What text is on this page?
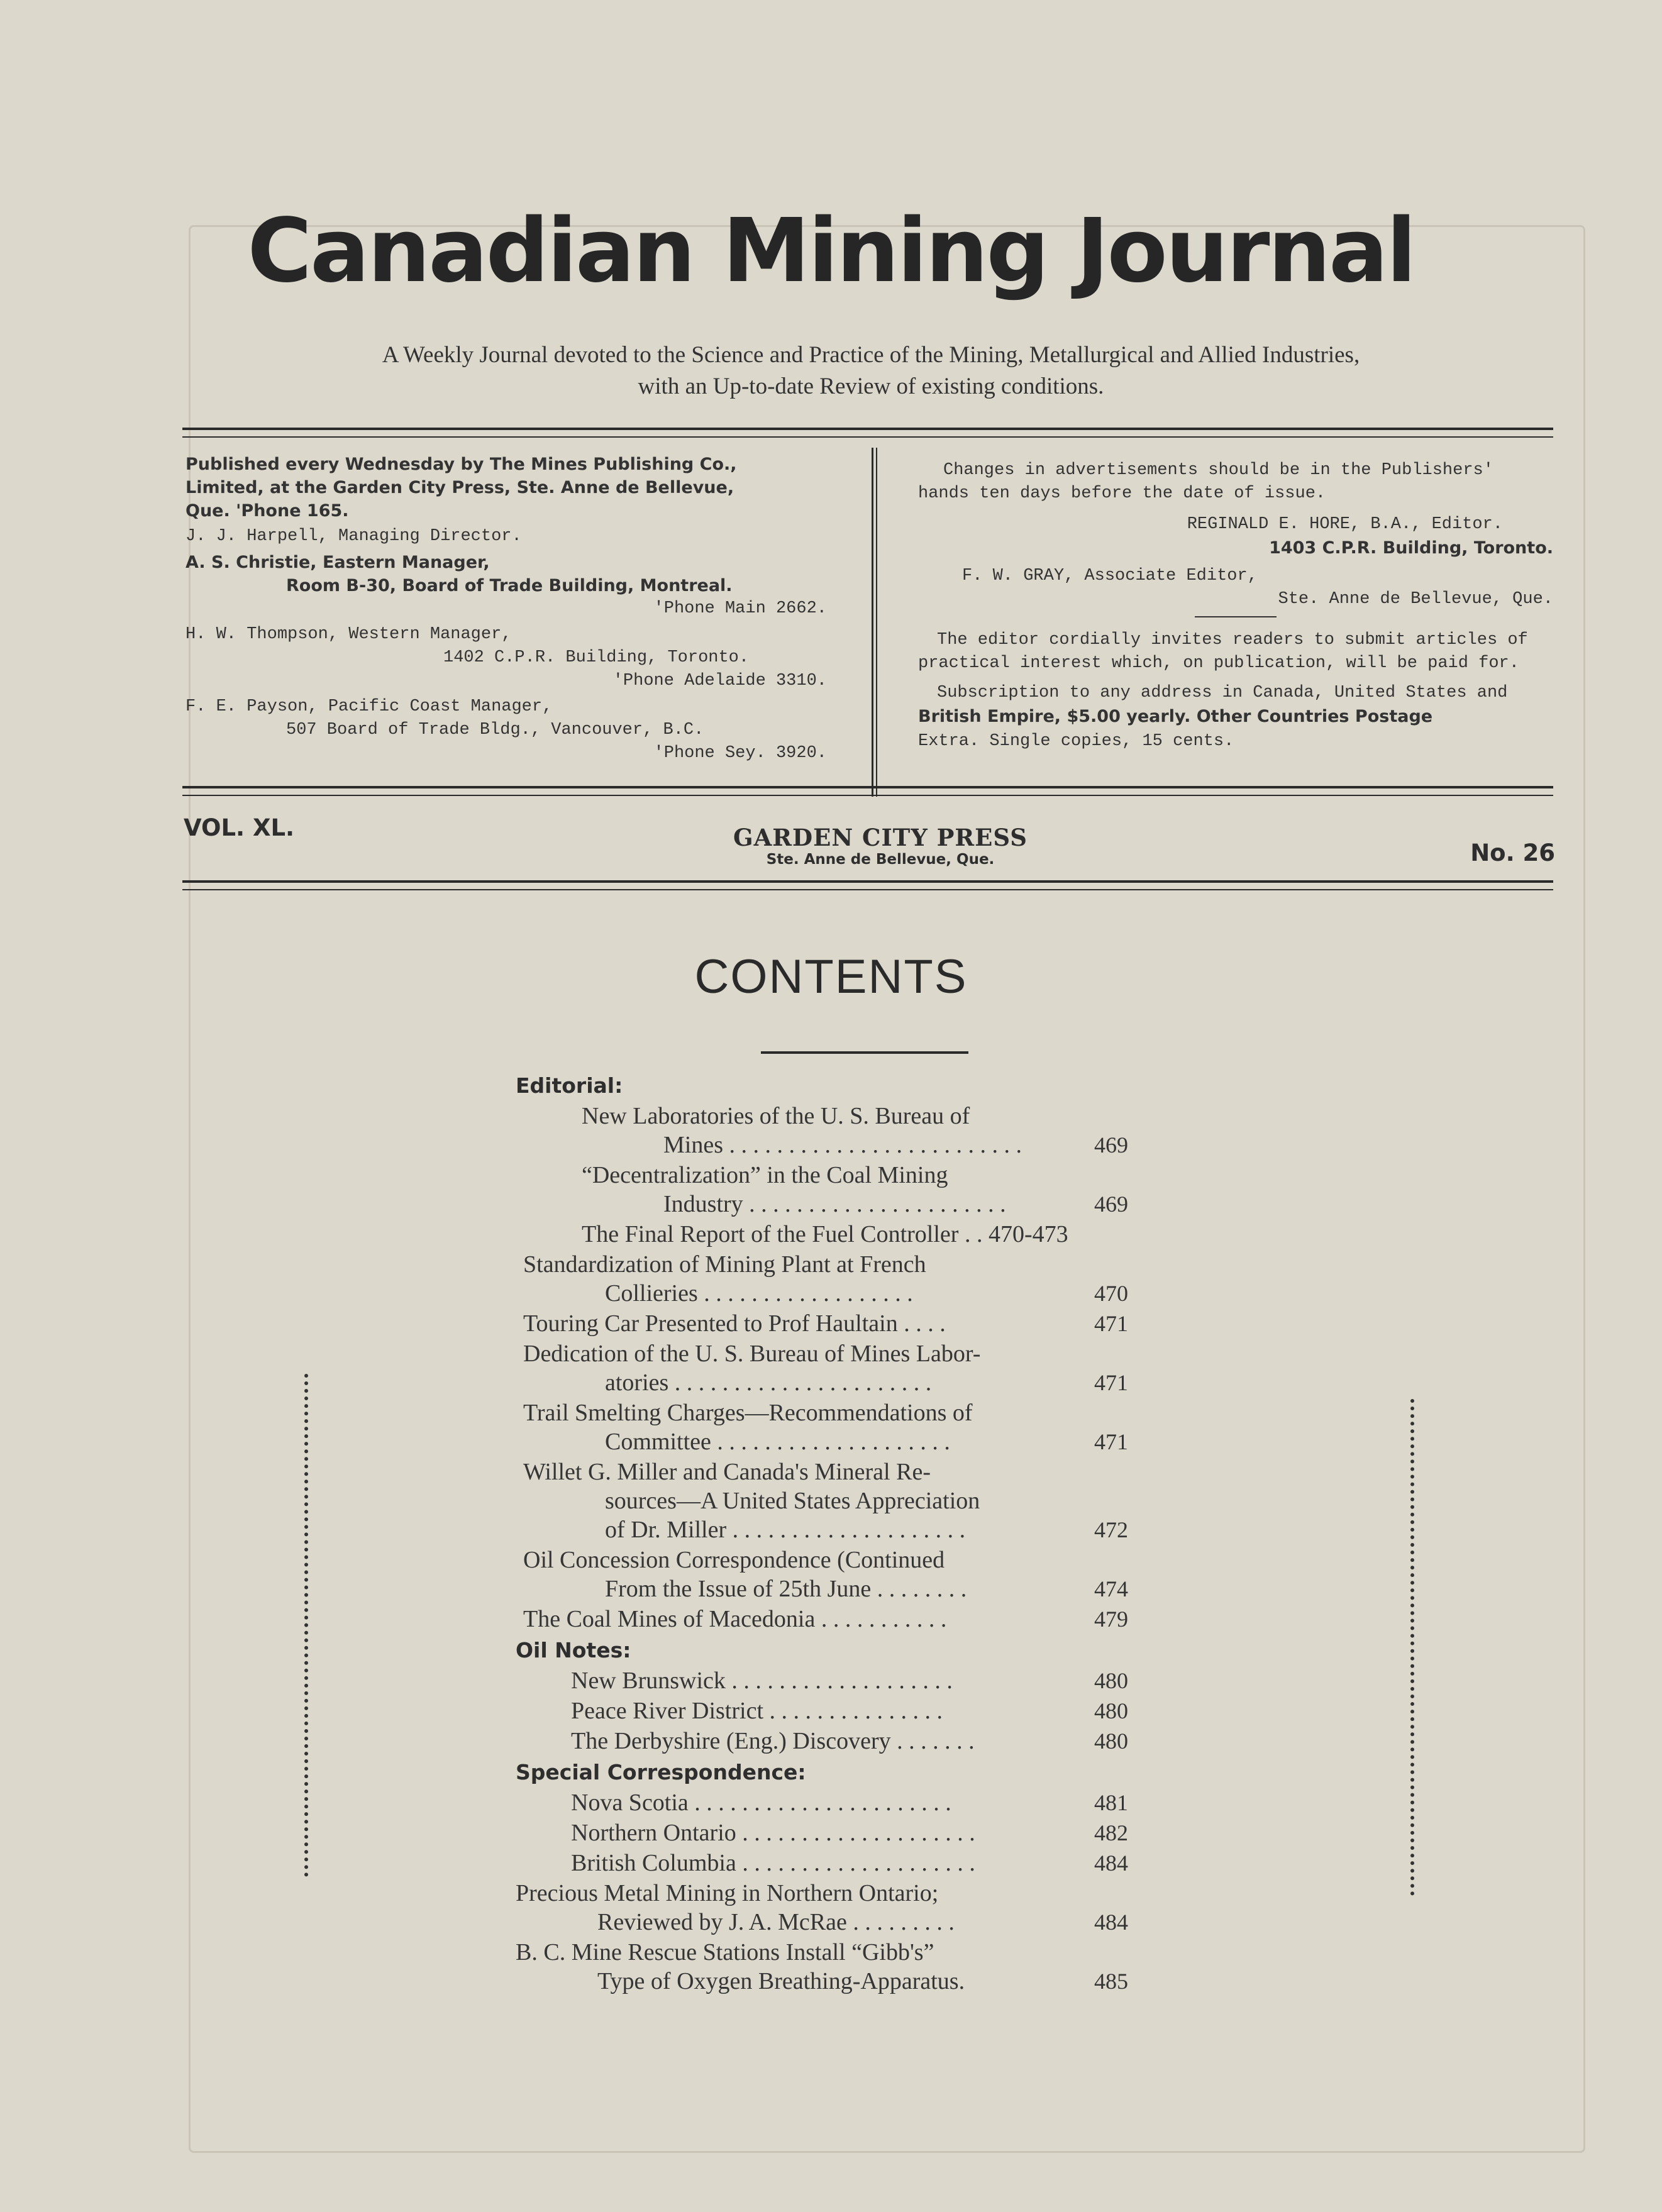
Canadian Mining Journal
A Weekly Journal devoted to the Science and Practice of the Mining, Metallurgical and Allied Industries,
with an Up-to-date Review of existing conditions.

Published every Wednesday by The Mines Publishing Co.,
Limited, at the Garden City Press, Ste. Anne de Bellevue,
Que. 'Phone 165.

J. J. Harpell, Managing Director.

A. S. Christie, Eastern Manager,

Room B-30, Board of Trade Building, Montreal.

'Phone Main 2662.

H. W. Thompson, Western Manager,

1402 C.P.R. Building, Toronto.

'Phone Adelaide 3310.

F. E. Payson, Pacific Coast Manager,

507 Board of Trade Bldg., Vancouver, B.C.

'Phone Sey. 3920.

Changes in advertisements should be in the Publishers'
hands ten days before the date of issue.

REGINALD E. HORE, B.A., Editor.

1403 C.P.R. Building, Toronto.

F. W. GRAY, Associate Editor,

Ste. Anne de Bellevue, Que.

The editor cordially invites readers to submit articles of
practical interest which, on publication, will be paid for.

Subscription to any address in Canada, United States and
British Empire, $5.00 yearly. Other Countries Postage
Extra. Single copies, 15 cents.

VOL. XL.	GARDEN CITY PRESS
Ste. Anne de Bellevue, Que.	No. 26
CONTENTS
Editorial:
New Laboratories of the U. S. Bureau of
Mines . . . . . . . . . . . . . . . . . . . . . . . . .	469
“Decentralization” in the Coal Mining
Industry . . . . . . . . . . . . . . . . . . . . . .	469
The Final Report of the Fuel Controller . . 470-473
Standardization of Mining Plant at French
Collieries . . . . . . . . . . . . . . . . . .	470
Touring Car Presented to Prof Haultain . . . .	471
Dedication of the U. S. Bureau of Mines Labor-
atories . . . . . . . . . . . . . . . . . . . . . .	471
Trail Smelting Charges—Recommendations of
Committee . . . . . . . . . . . . . . . . . . . .	471
Willet G. Miller and Canada's Mineral Re-
sources—A United States Appreciation
of Dr. Miller . . . . . . . . . . . . . . . . . . . .	472
Oil Concession Correspondence (Continued
From the Issue of 25th June . . . . . . . .	474
The Coal Mines of Macedonia . . . . . . . . . . .	479
Oil Notes:
New Brunswick . . . . . . . . . . . . . . . . . . .	480
Peace River District . . . . . . . . . . . . . . .	480
The Derbyshire (Eng.) Discovery . . . . . . .	480
Special Correspondence:
Nova Scotia . . . . . . . . . . . . . . . . . . . . . .	481
Northern Ontario . . . . . . . . . . . . . . . . . . . .	482
British Columbia . . . . . . . . . . . . . . . . . . . .	484
Precious Metal Mining in Northern Ontario;
Reviewed by J. A. McRae . . . . . . . . .	484
B. C. Mine Rescue Stations Install “Gibb's”
Type of Oxygen Breathing-Apparatus.	485
